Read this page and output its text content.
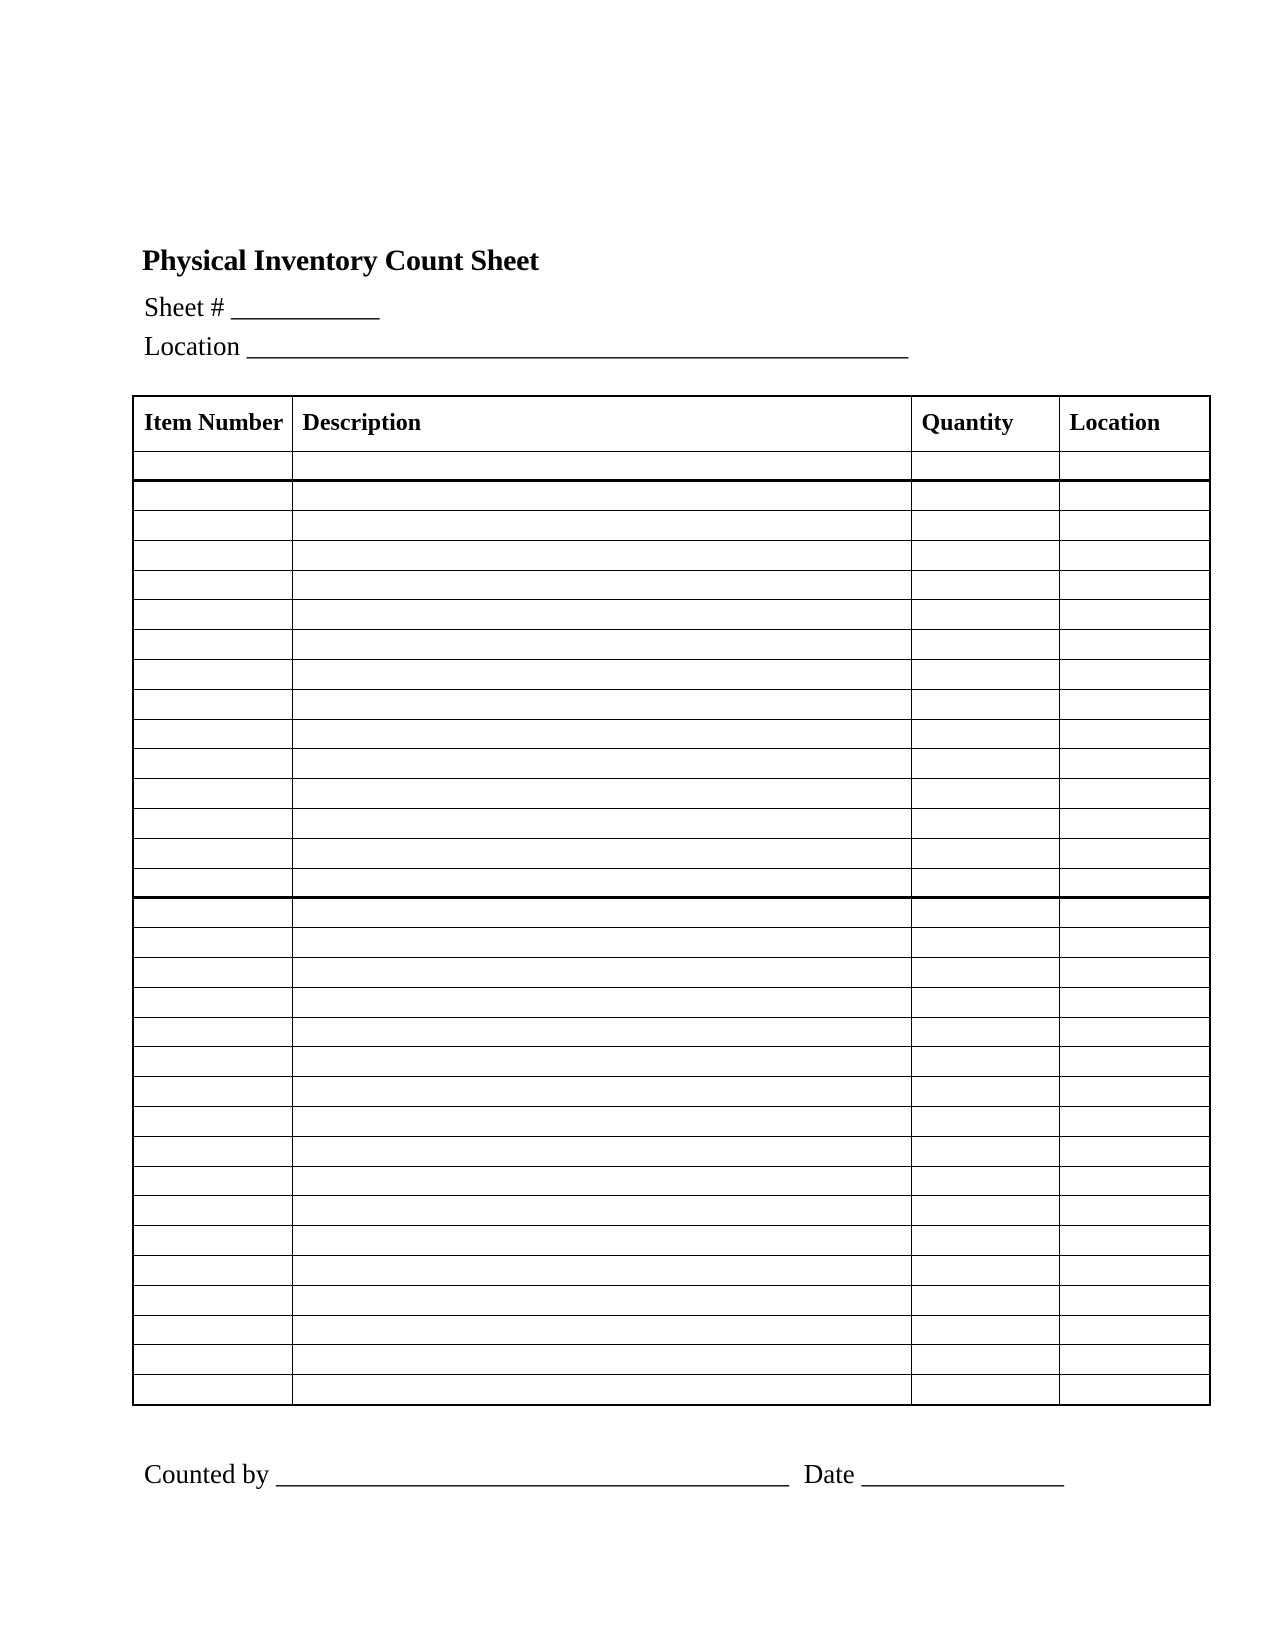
Physical Inventory Count Sheet
Sheet # ___________
Location _________________________________________________
Item Number	Description	Quantity	Location

Counted by ______________________________________ Date _______________
